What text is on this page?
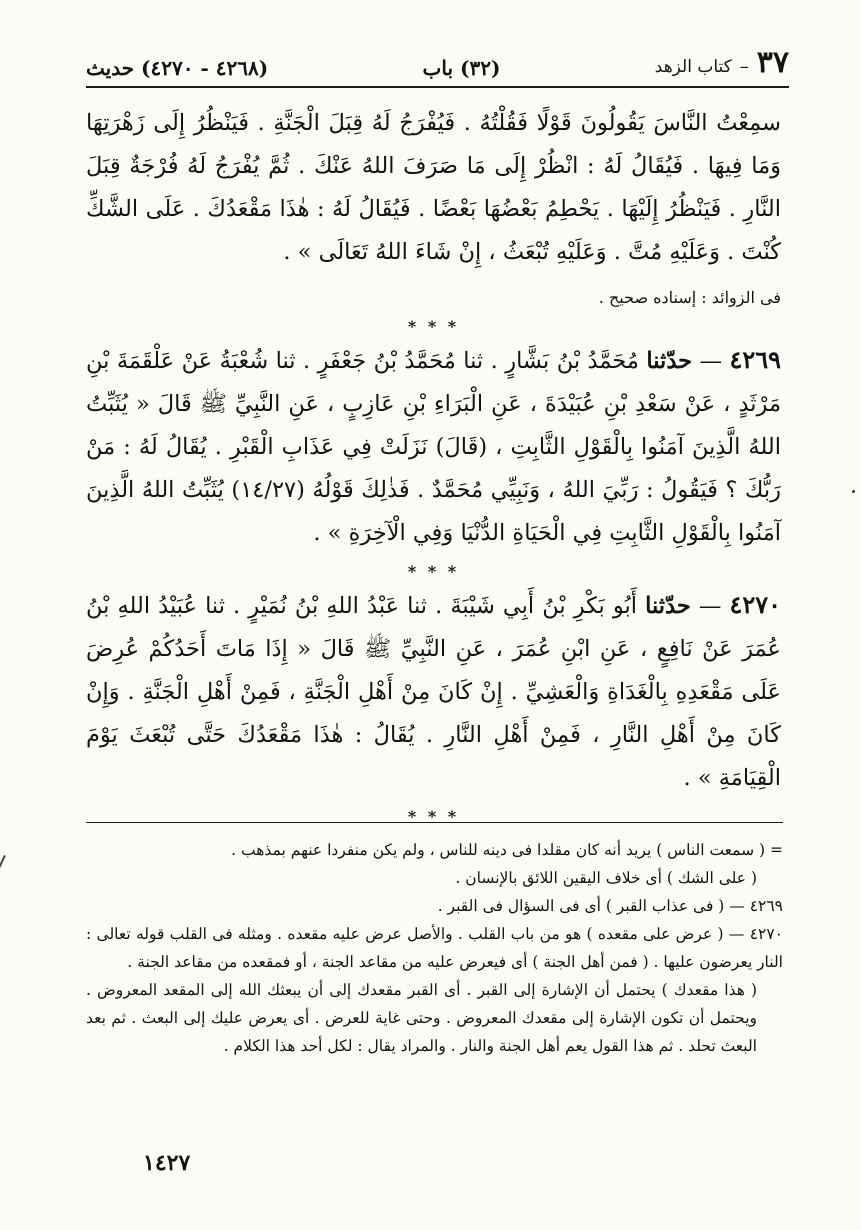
٣٧
–
كتاب الزهد
(٣٢) باب
(٤٢٦٨ - ٤٢٧٠) حديث

سمِعْتُ النَّاسَ يَقُولُونَ قَوْلًا فَقُلْتُهُ . فَيُفْرَجُ لَهُ قِبَلَ الْجَنَّةِ . فَيَنْظُرُ إِلَى زَهْرَتِهَا وَمَا فِيهَا . فَيُقَالُ لَهُ : انْظُرْ إِلَى مَا صَرَفَ اللهُ عَنْكَ . ثُمَّ يُفْرَجُ لَهُ فُرْجَةٌ قِبَلَ النَّارِ . فَيَنْظُرُ إِلَيْهَا . يَحْطِمُ بَعْضُهَا بَعْضًا . فَيُقَالُ لَهُ : هٰذَا مَقْعَدُكَ . عَلَى الشَّكِّ كُنْتَ . وَعَلَيْهِ مُتَّ . وَعَلَيْهِ تُبْعَثُ ، إِنْ شَاءَ اللهُ تَعَالَى » .

فى الزوائد : إسناده صحيح .

* * *

٤٢٦٩ — حدّثنا مُحَمَّدُ بْنُ بَشَّارٍ . ثنا مُحَمَّدُ بْنُ جَعْفَرٍ . ثنا شُعْبَةُ عَنْ عَلْقَمَةَ بْنِ مَرْثَدٍ ، عَنْ سَعْدِ بْنِ عُبَيْدَةَ ، عَنِ الْبَرَاءِ بْنِ عَازِبٍ ، عَنِ النَّبِيِّ ﷺ قَالَ « يُثَبِّتُ اللهُ الَّذِينَ آمَنُوا بِالْقَوْلِ الثَّابِتِ ، (قَالَ) نَزَلَتْ فِي عَذَابِ الْقَبْرِ . يُقَالُ لَهُ : مَنْ رَبُّكَ ؟ فَيَقُولُ : رَبِّيَ اللهُ ، وَنَبِيِّي مُحَمَّدٌ . فَذٰلِكَ قَوْلُهُ (١٤/٢٧) يُثَبِّتُ اللهُ الَّذِينَ آمَنُوا بِالْقَوْلِ الثَّابِتِ فِي الْحَيَاةِ الدُّنْيَا وَفِي الْآخِرَةِ » .

* * *

٤٢٧٠ — حدّثنا أَبُو بَكْرِ بْنُ أَبِي شَيْبَةَ . ثنا عَبْدُ اللهِ بْنُ نُمَيْرٍ . ثنا عُبَيْدُ اللهِ بْنُ عُمَرَ عَنْ نَافِعٍ ، عَنِ ابْنِ عُمَرَ ، عَنِ النَّبِيِّ ﷺ قَالَ « إِذَا مَاتَ أَحَدُكُمْ عُرِضَ عَلَى مَقْعَدِهِ بِالْغَدَاةِ وَالْعَشِيِّ . إِنْ كَانَ مِنْ أَهْلِ الْجَنَّةِ ، فَمِنْ أَهْلِ الْجَنَّةِ . وَإِنْ كَانَ مِنْ أَهْلِ النَّارِ ، فَمِنْ أَهْلِ النَّارِ . يُقَالُ : هٰذَا مَقْعَدُكَ حَتَّى تُبْعَثَ يَوْمَ الْقِيَامَةِ » .

* * *

= ( سمعت الناس ) يريد أنه كان مقلدا فى دينه للناس ، ولم يكن منفردا عنهم بمذهب .

( على الشك ) أى خلاف اليقين اللائق بالإنسان .

٤٢٦٩ — ( فى عذاب القبر ) أى فى السؤال فى القبر .

٤٢٧٠ — ( عرض على مقعده ) هو من باب القلب . والأصل عرض عليه مقعده . ومثله فى القلب قوله تعالى : النار يعرضون عليها . ( فمن أهل الجنة ) أى فيعرض عليه من مقاعد الجنة ، أو فمقعده من مقاعد الجنة .

( هذا مقعدك ) يحتمل أن الإشارة إلى القبر . أى القبر مقعدك إلى أن يبعثك الله إلى المقعد المعروض . ويحتمل أن تكون الإشارة إلى مقعدك المعروض . وحتى غاية للعرض . أى يعرض عليك إلى البعث . ثم بعد البعث تحلد . ثم هذا القول يعم أهل الجنة والنار . والمراد يقال : لكل أحد هذا الكلام .

١٤٢٧
